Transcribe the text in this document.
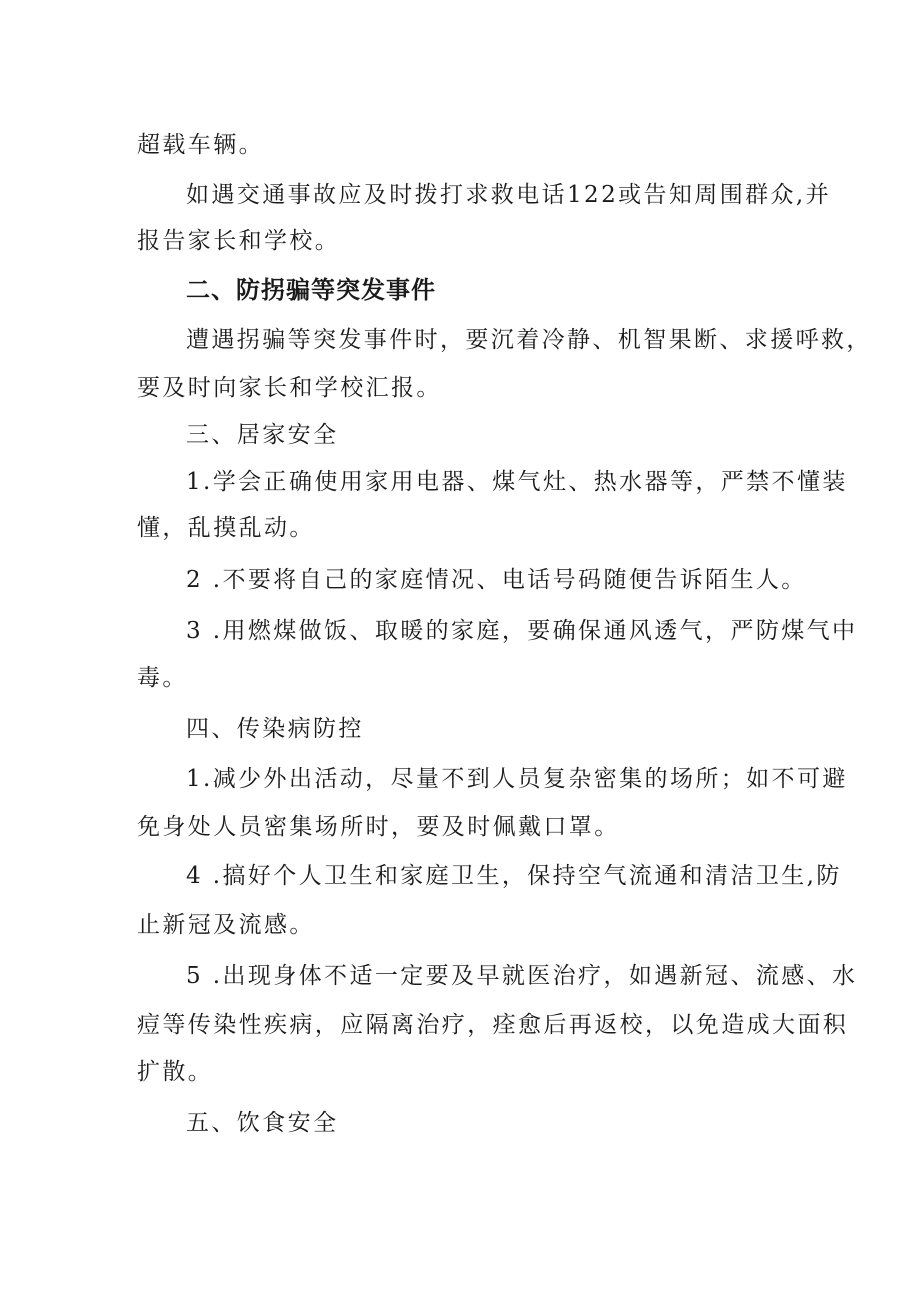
超载车辆。
如遇交通事故应及时拨打求救电话122或告知周围群众,并
报告家长和学校。
二、防拐骗等突发事件
遭遇拐骗等突发事件时，要沉着冷静、机智果断、求援呼救，
要及时向家长和学校汇报。
三、居家安全
1.学会正确使用家用电器、煤气灶、热水器等，严禁不懂装
懂，乱摸乱动。
2 .不要将自己的家庭情况、电话号码随便告诉陌生人。
3 .用燃煤做饭、取暖的家庭，要确保通风透气，严防煤气中
毒。
四、传染病防控
1.减少外出活动，尽量不到人员复杂密集的场所；如不可避
免身处人员密集场所时，要及时佩戴口罩。
4 .搞好个人卫生和家庭卫生，保持空气流通和清洁卫生,防
止新冠及流感。
5 .出现身体不适一定要及早就医治疗，如遇新冠、流感、水
痘等传染性疾病，应隔离治疗，痊愈后再返校，以免造成大面积
扩散。
五、饮食安全
